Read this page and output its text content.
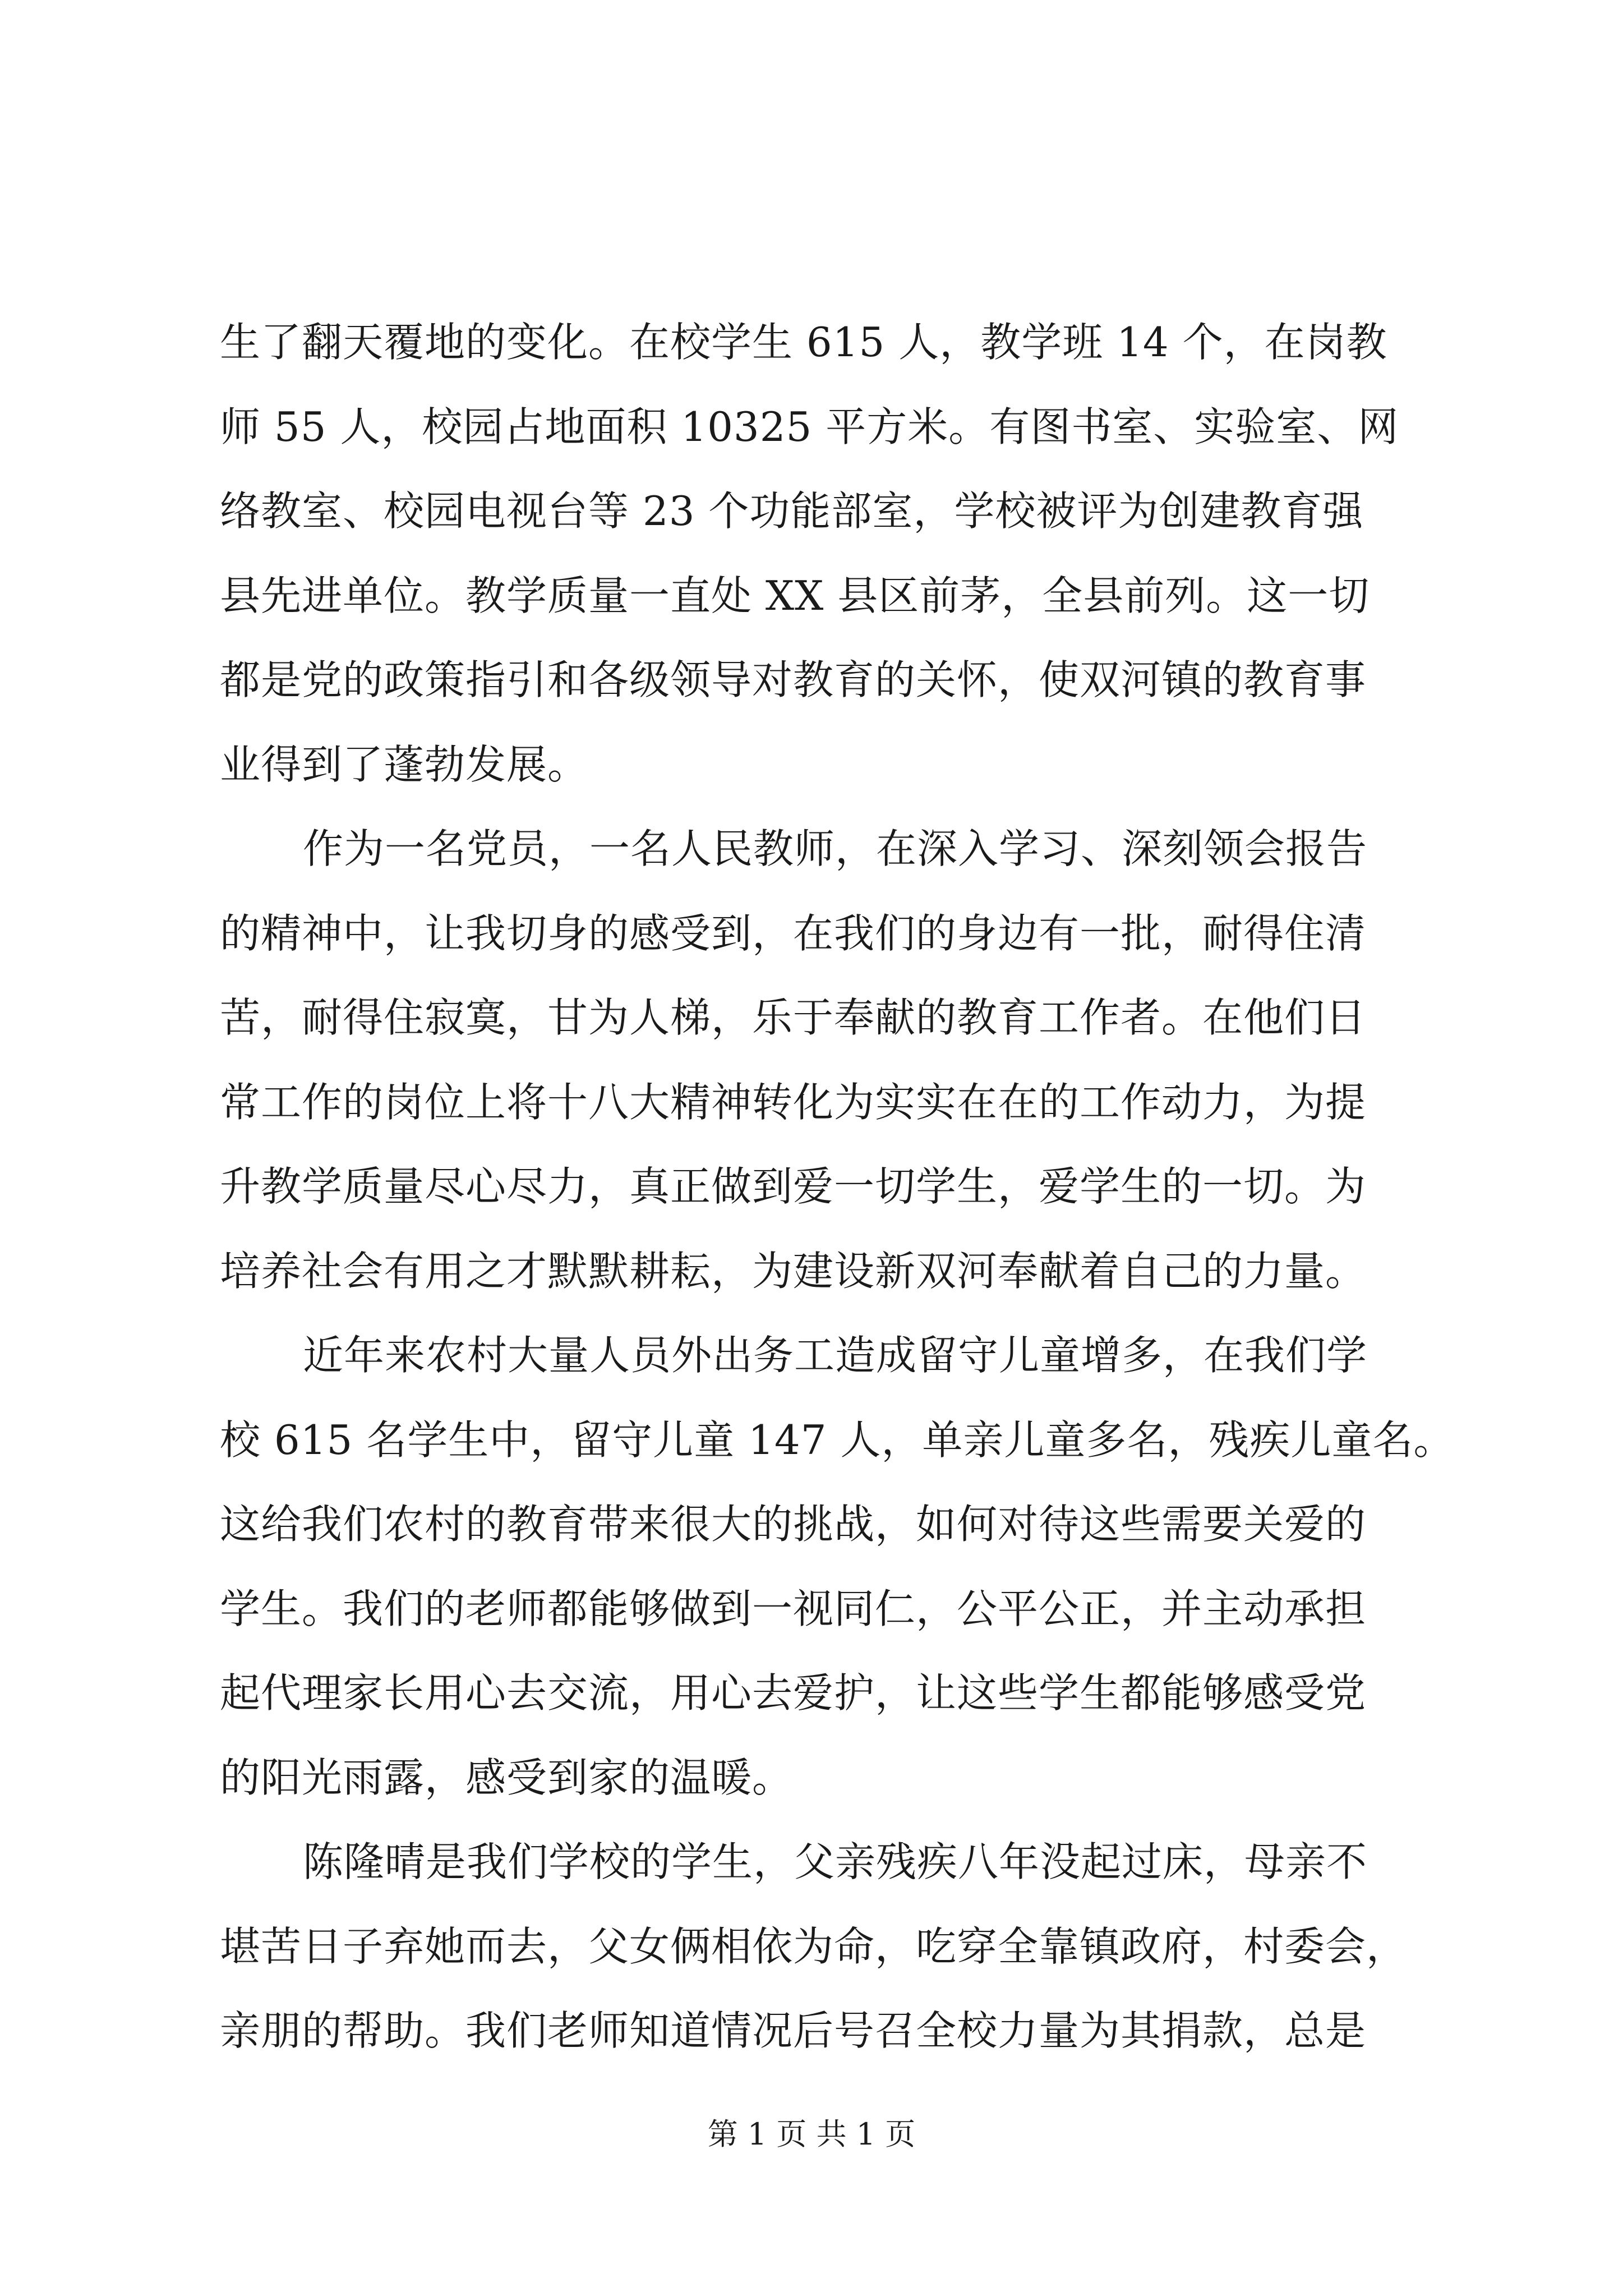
生了翻天覆地的变化。在校学生 615 人，教学班 14 个，在岗教
师 55 人，校园占地面积 10325 平方米。有图书室、实验室、网
络教室、校园电视台等 23 个功能部室，学校被评为创建教育强
县先进单位。教学质量一直处 XX 县区前茅，全县前列。这一切
都是党的政策指引和各级领导对教育的关怀，使双河镇的教育事
业得到了蓬勃发展。
作为一名党员，一名人民教师，在深入学习、深刻领会报告
的精神中，让我切身的感受到，在我们的身边有一批，耐得住清
苦，耐得住寂寞，甘为人梯，乐于奉献的教育工作者。在他们日
常工作的岗位上将十八大精神转化为实实在在的工作动力，为提
升教学质量尽心尽力，真正做到爱一切学生，爱学生的一切。为
培养社会有用之才默默耕耘，为建设新双河奉献着自己的力量。
近年来农村大量人员外出务工造成留守儿童增多，在我们学
校 615 名学生中，留守儿童 147 人，单亲儿童多名，残疾儿童名。
这给我们农村的教育带来很大的挑战，如何对待这些需要关爱的
学生。我们的老师都能够做到一视同仁，公平公正，并主动承担
起代理家长用心去交流，用心去爱护，让这些学生都能够感受党
的阳光雨露，感受到家的温暖。
陈隆晴是我们学校的学生，父亲残疾八年没起过床，母亲不
堪苦日子弃她而去，父女俩相依为命，吃穿全靠镇政府，村委会，
亲朋的帮助。我们老师知道情况后号召全校力量为其捐款，总是
第 1 页 共 1 页
